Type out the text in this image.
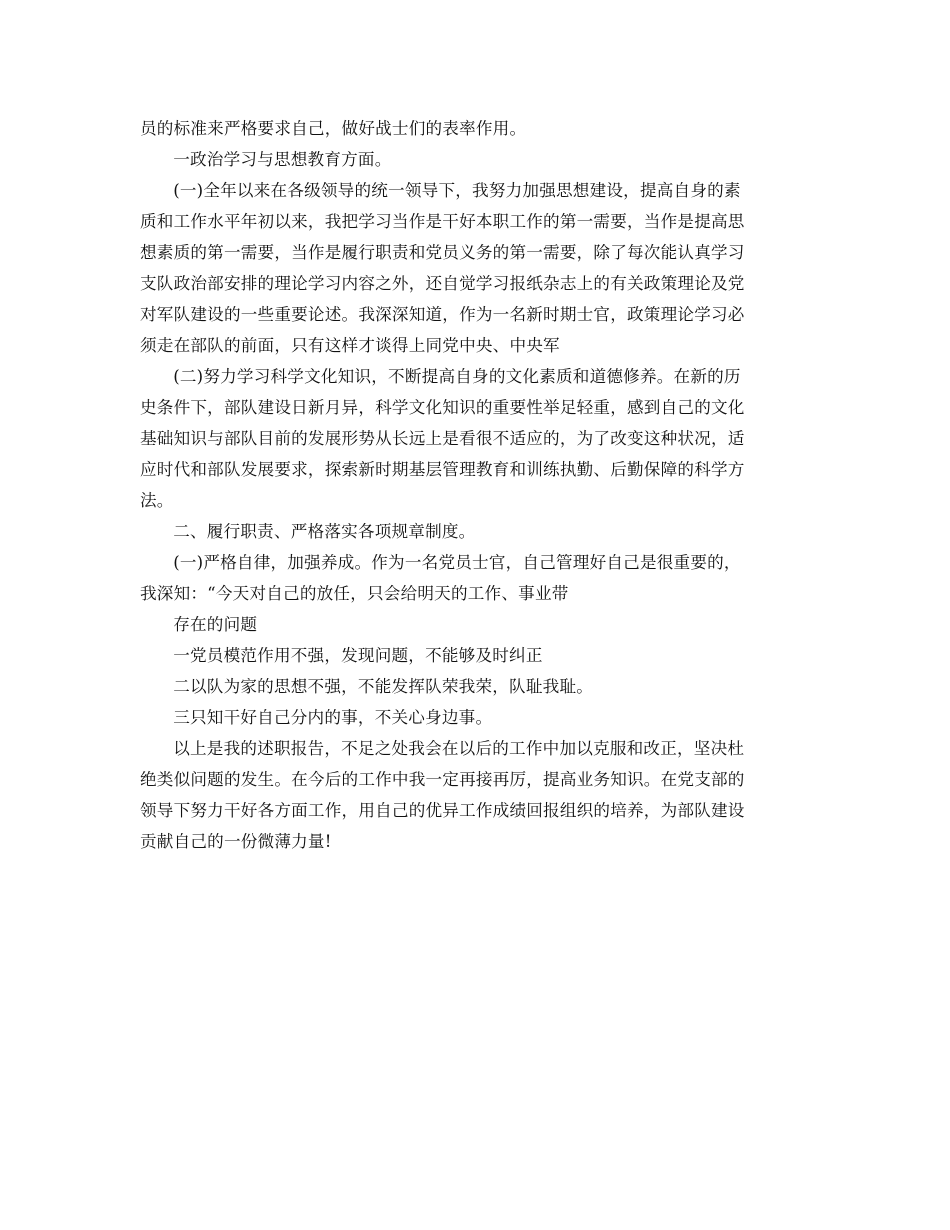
员的标准来严格要求自己，做好战士们的表率作用。
一政治学习与思想教育方面。
(一)全年以来在各级领导的统一领导下，我努力加强思想建设，提高自身的素
质和工作水平年初以来，我把学习当作是干好本职工作的第一需要，当作是提高思
想素质的第一需要，当作是履行职责和党员义务的第一需要，除了每次能认真学习
支队政治部安排的理论学习内容之外，还自觉学习报纸杂志上的有关政策理论及党
对军队建设的一些重要论述。我深深知道，作为一名新时期士官，政策理论学习必
须走在部队的前面，只有这样才谈得上同党中央、中央军
(二)努力学习科学文化知识，不断提高自身的文化素质和道德修养。在新的历
史条件下，部队建设日新月异，科学文化知识的重要性举足轻重，感到自己的文化
基础知识与部队目前的发展形势从长远上是看很不适应的，为了改变这种状况，适
应时代和部队发展要求，探索新时期基层管理教育和训练执勤、后勤保障的科学方
法。
二、履行职责、严格落实各项规章制度。
(一)严格自律，加强养成。作为一名党员士官，自己管理好自己是很重要的，
我深知：“今天对自己的放任，只会给明天的工作、事业带
存在的问题
一党员模范作用不强，发现问题，不能够及时纠正
二以队为家的思想不强，不能发挥队荣我荣，队耻我耻。
三只知干好自己分内的事，不关心身边事。
以上是我的述职报告，不足之处我会在以后的工作中加以克服和改正，坚决杜
绝类似问题的发生。在今后的工作中我一定再接再厉，提高业务知识。在党支部的
领导下努力干好各方面工作，用自己的优异工作成绩回报组织的培养，为部队建设
贡献自己的一份微薄力量!
